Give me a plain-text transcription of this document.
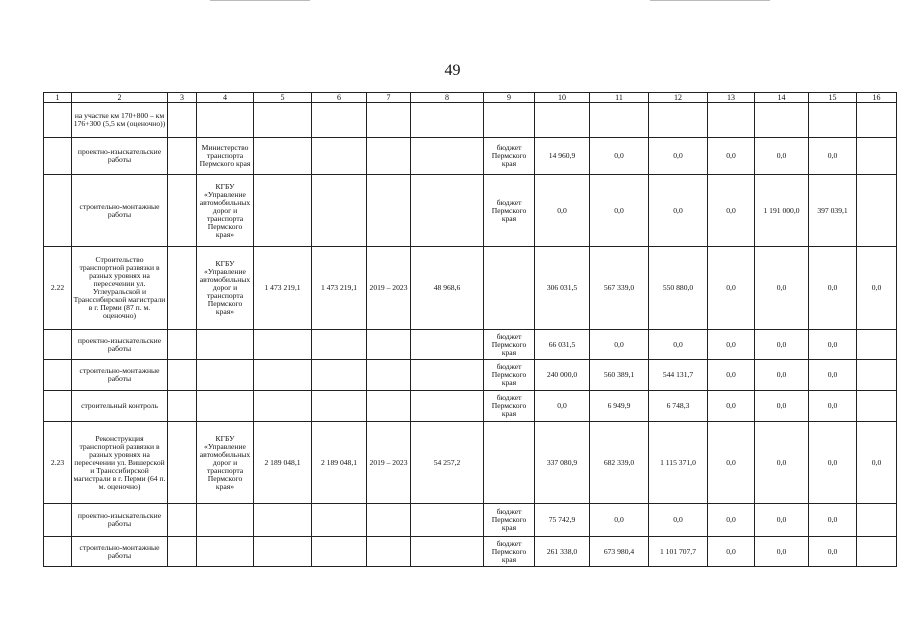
49
1	2	3	4	5	6	7	8	9	10	11	12	13	14	15	16
	на участке км 170+800 – км 176+300 (5,5 км (оценочно))														
	проектно-изыскательские работы		Министерство транспорта Пермского края					бюджет Пермского края	14 960,9	0,0	0,0	0,0	0,0	0,0	
	строительно-монтажные работы		КГБУ «Управление автомобильных дорог и транспорта Пермского края»					бюджет Пермского края	0,0	0,0	0,0	0,0	1 191 000,0	397 039,1	
2.22	Строительство транспортной развязки в разных уровнях на пересечении ул. Углеуральской и Транссибирской магистрали в г. Перми (87 п. м. оценочно)		КГБУ «Управление автомобильных дорог и транспорта Пермского края»	1 473 219,1	1 473 219,1	2019 – 2023	48 968,6		306 031,5	567 339,0	550 880,0	0,0	0,0	0,0	0,0
	проектно-изыскательские работы							бюджет Пермского края	66 031,5	0,0	0,0	0,0	0,0	0,0	
	строительно-монтажные работы							бюджет Пермского края	240 000,0	560 389,1	544 131,7	0,0	0,0	0,0	
	строительный контроль							бюджет Пермского края	0,0	6 949,9	6 748,3	0,0	0,0	0,0	
2.23	Реконструкция транспортной развязки в разных уровнях на пересечении ул. Вишерской и Транссибирской магистрали в г. Перми (64 п. м. оценочно)		КГБУ «Управление автомобильных дорог и транспорта Пермского края»	2 189 048,1	2 189 048,1	2019 – 2023	54 257,2		337 080,9	682 339,0	1 115 371,0	0,0	0,0	0,0	0,0
	проектно-изыскательские работы							бюджет Пермского края	75 742,9	0,0	0,0	0,0	0,0	0,0	
	строительно-монтажные работы							бюджет Пермского края	261 338,0	673 980,4	1 101 707,7	0,0	0,0	0,0	
